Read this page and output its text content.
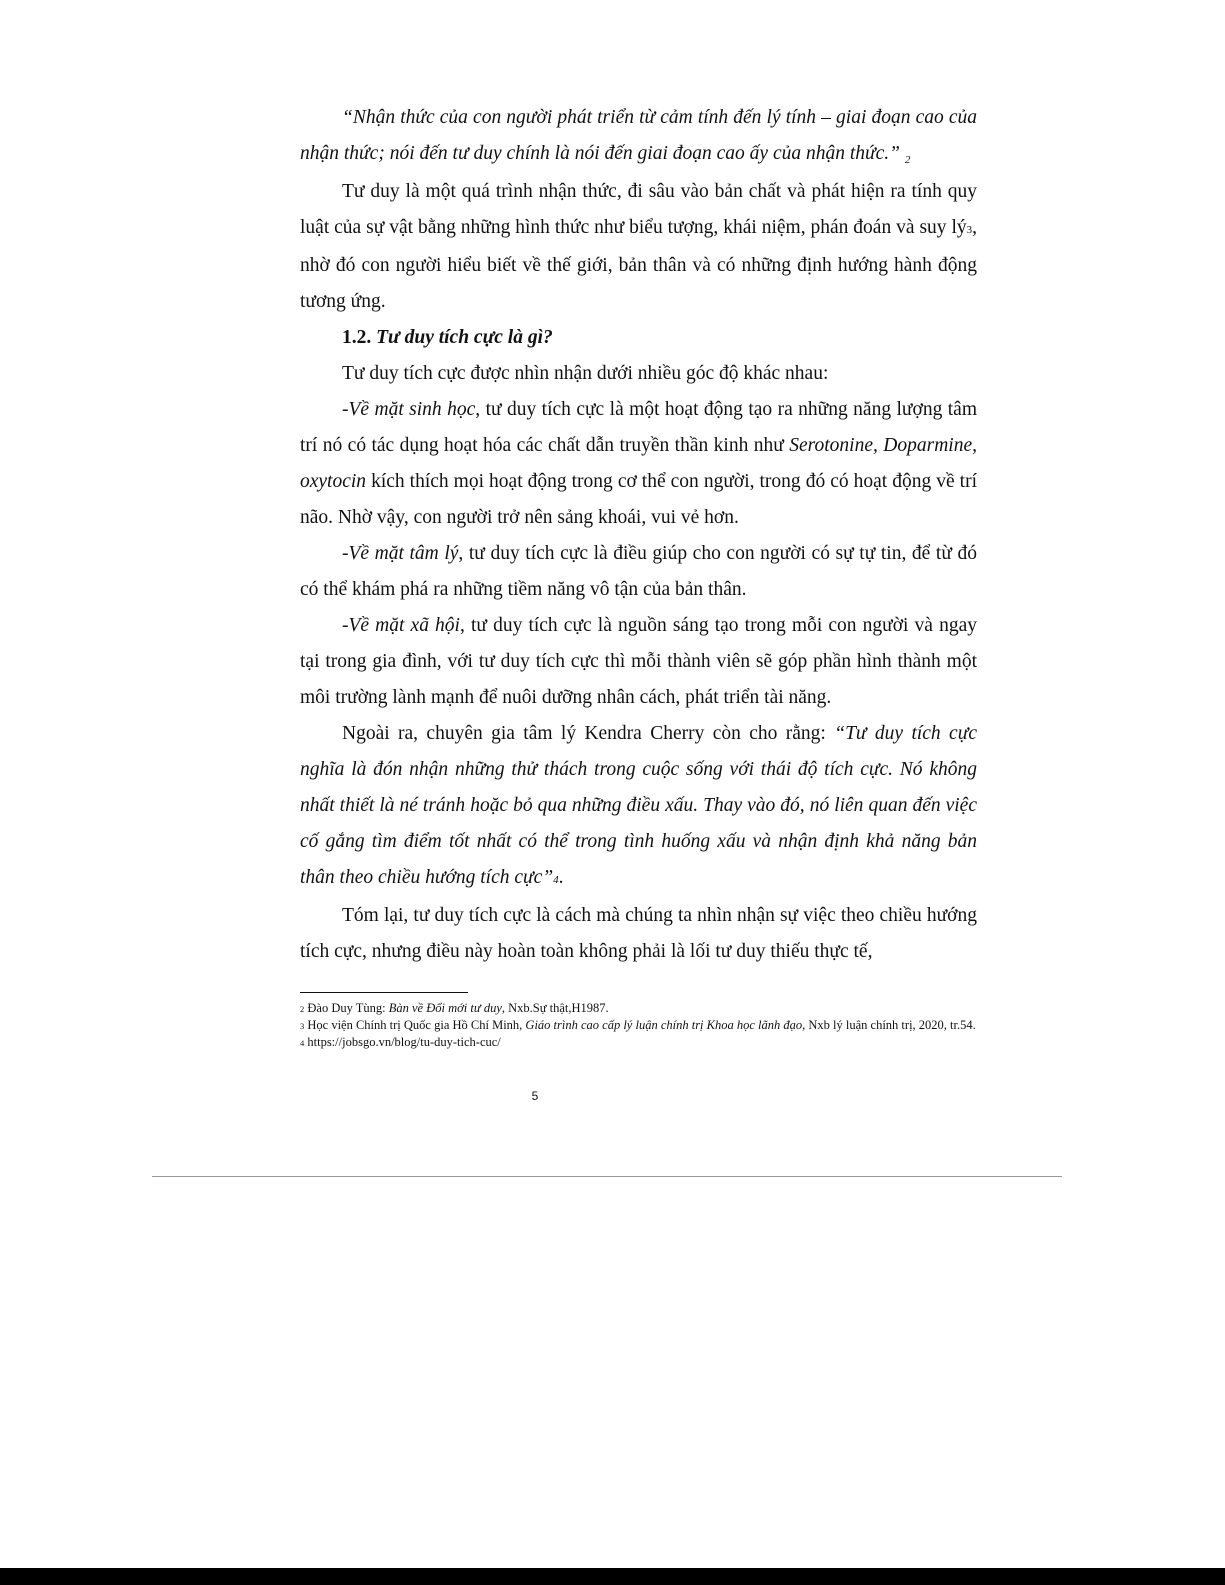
“Nhận thức của con người phát triển từ cảm tính đến lý tính – giai đoạn cao của nhận thức; nói đến tư duy chính là nói đến giai đoạn cao ấy của nhận thức.” $_2$

Tư duy là một quá trình nhận thức, đi sâu vào bản chất và phát hiện ra tính quy luật của sự vật bằng những hình thức như biểu tượng, khái niệm, phán đoán và suy lý3, nhờ đó con người hiểu biết về thế giới, bản thân và có những định hướng hành động tương ứng.

1.2. Tư duy tích cực là gì?

Tư duy tích cực được nhìn nhận dưới nhiều góc độ khác nhau:

-Về mặt sinh học, tư duy tích cực là một hoạt động tạo ra những năng lượng tâm trí nó có tác dụng hoạt hóa các chất dẫn truyền thần kinh như Serotonine, Doparmine, oxytocin kích thích mọi hoạt động trong cơ thể con người, trong đó có hoạt động về trí não. Nhờ vậy, con người trở nên sảng khoái, vui vẻ hơn.

-Về mặt tâm lý, tư duy tích cực là điều giúp cho con người có sự tự tin, để từ đó có thể khám phá ra những tiềm năng vô tận của bản thân.

-Về mặt xã hội, tư duy tích cực là nguồn sáng tạo trong mỗi con người và ngay tại trong gia đình, với tư duy tích cực thì mỗi thành viên sẽ góp phần hình thành một môi trường lành mạnh để nuôi dưỡng nhân cách, phát triển tài năng.

Ngoài ra, chuyên gia tâm lý Kendra Cherry còn cho rằng: “Tư duy tích cực nghĩa là đón nhận những thử thách trong cuộc sống với thái độ tích cực. Nó không nhất thiết là né tránh hoặc bỏ qua những điều xấu. Thay vào đó, nó liên quan đến việc cố gắng tìm điểm tốt nhất có thể trong tình huống xấu và nhận định khả năng bản thân theo chiều hướng tích cực”4.

Tóm lại, tư duy tích cực là cách mà chúng ta nhìn nhận sự việc theo chiều hướng tích cực, nhưng điều này hoàn toàn không phải là lối tư duy thiếu thực tế,

2 Đào Duy Tùng: Bàn về Đổi mới tư duy, Nxb.Sự thật,H1987.
3 Học viện Chính trị Quốc gia Hồ Chí Minh, Giáo trình cao cấp lý luận chính trị Khoa học lãnh đạo, Nxb lý luận chính trị, 2020, tr.54.
4 https://jobsgo.vn/blog/tu-duy-tich-cuc/
5
